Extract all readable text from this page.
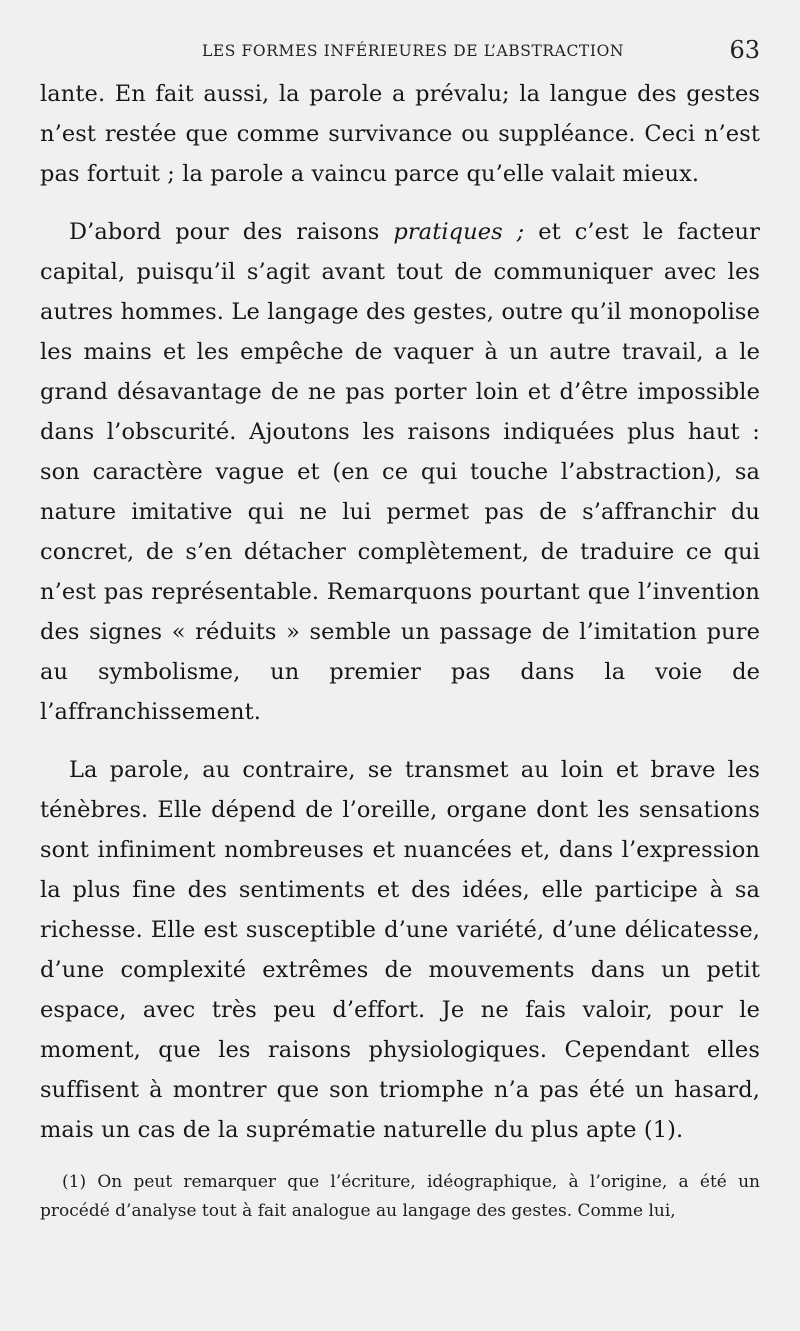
LES FORMES INFÉRIEURES DE L’ABSTRACTION	63

lante. En fait aussi, la parole a prévalu; la langue des gestes n’est restée que comme survivance ou suppléance. Ceci n’est pas fortuit ; la parole a vaincu parce qu’elle valait mieux.

D’abord pour des raisons pratiques ; et c’est le facteur capital, puisqu’il s’agit avant tout de communiquer avec les autres hommes. Le langage des gestes, outre qu’il monopolise les mains et les empêche de vaquer à un autre travail, a le grand désavantage de ne pas porter loin et d’être impossible dans l’obscurité. Ajoutons les raisons indiquées plus haut : son caractère vague et (en ce qui touche l’abstraction), sa nature imitative qui ne lui permet pas de s’affranchir du concret, de s’en détacher complètement, de traduire ce qui n’est pas représentable. Remarquons pourtant que l’invention des signes « réduits » semble un passage de l’imitation pure au symbolisme, un premier pas dans la voie de l’affranchissement.

La parole, au contraire, se transmet au loin et brave les ténèbres. Elle dépend de l’oreille, organe dont les sensations sont infiniment nombreuses et nuancées et, dans l’expression la plus fine des sentiments et des idées, elle participe à sa richesse. Elle est susceptible d’une variété, d’une délicatesse, d’une complexité extrêmes de mouvements dans un petit espace, avec très peu d’effort. Je ne fais valoir, pour le moment, que les raisons physiologiques. Cependant elles suffisent à montrer que son triomphe n’a pas été un hasard, mais un cas de la suprématie naturelle du plus apte (1).

(1) On peut remarquer que l’écriture, idéographique, à l’origine, a été un procédé d’analyse tout à fait analogue au langage des gestes. Comme lui,
